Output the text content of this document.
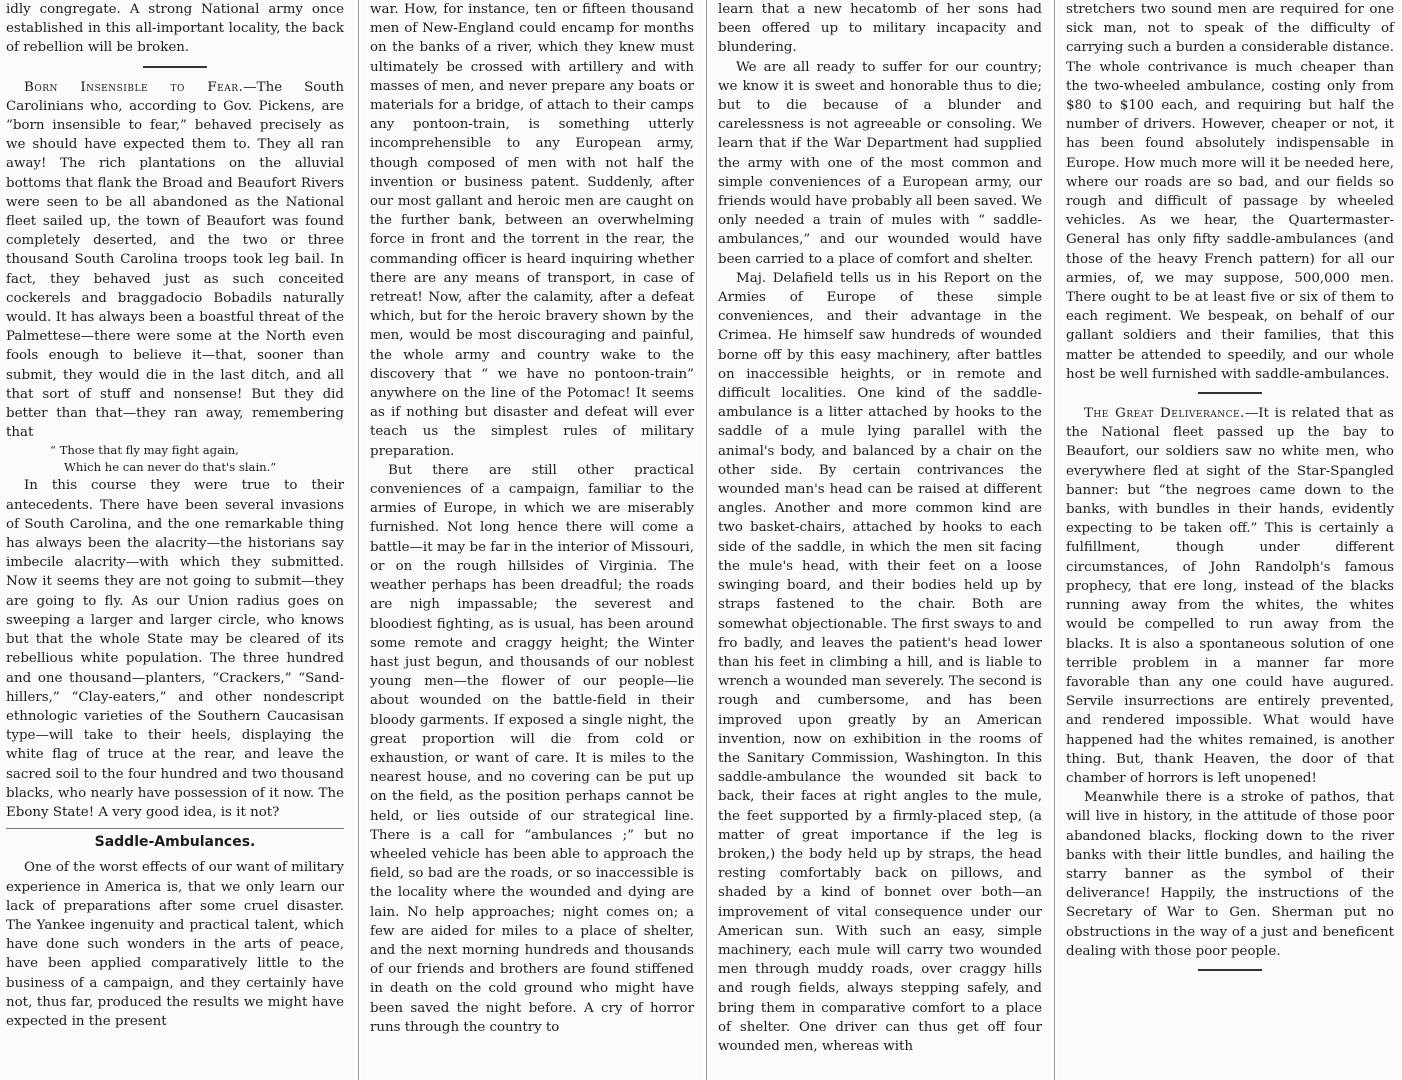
idly congregate. A strong National army once established in this all-important locality, the back of rebellion will be broken.

Born Insensible to Fear.—The South Carolinians who, according to Gov. Pickens, are “born insensible to fear,” behaved precisely as we should have expected them to. They all ran away! The rich plantations on the alluvial bottoms that flank the Broad and Beaufort Rivers were seen to be all abandoned as the National fleet sailed up, the town of Beaufort was found completely deserted, and the two or three thousand South Carolina troops took leg bail. In fact, they behaved just as such conceited cockerels and braggadocio Bobadils naturally would. It has always been a boastful threat of the Palmettese—there were some at the North even fools enough to believe it—that, sooner than submit, they would die in the last ditch, and all that sort of stuff and nonsense! But they did better than that—they ran away, remembering that

“ Those that fly may fight again,

Which he can never do that's slain.”

In this course they were true to their antecedents. There have been several invasions of South Carolina, and the one remarkable thing has always been the alacrity—the historians say imbecile alacrity—with which they submitted. Now it seems they are not going to submit—they are going to fly. As our Union radius goes on sweeping a larger and larger circle, who knows but that the whole State may be cleared of its rebellious white population. The three hundred and one thousand—planters, “Crackers,” “Sand-hillers,” “Clay-eaters,” and other nondescript ethnologic varieties of the Southern Caucasisan type—will take to their heels, displaying the white flag of truce at the rear, and leave the sacred soil to the four hundred and two thousand blacks, who nearly have possession of it now. The Ebony State! A very good idea, is it not?

Saddle-Ambulances.

One of the worst effects of our want of military experience in America is, that we only learn our lack of preparations after some cruel disaster. The Yankee ingenuity and practical talent, which have done such wonders in the arts of peace, have been applied comparatively little to the business of a campaign, and they certainly have not, thus far, produced the results we might have expected in the present

war. How, for instance, ten or fifteen thousand men of New-England could encamp for months on the banks of a river, which they knew must ultimately be crossed with artillery and with masses of men, and never prepare any boats or materials for a bridge, of attach to their camps any pontoon-train, is something utterly incomprehensible to any European army, though composed of men with not half the invention or business patent. Suddenly, after our most gallant and heroic men are caught on the further bank, between an overwhelming force in front and the torrent in the rear, the commanding officer is heard inquiring whether there are any means of transport, in case of retreat! Now, after the calamity, after a defeat which, but for the heroic bravery shown by the men, would be most discouraging and painful, the whole army and country wake to the discovery that “ we have no pontoon-train” anywhere on the line of the Potomac! It seems as if nothing but disaster and defeat will ever teach us the simplest rules of military preparation.

But there are still other practical conveniences of a campaign, familiar to the armies of Europe, in which we are miserably furnished. Not long hence there will come a battle—it may be far in the interior of Missouri, or on the rough hillsides of Virginia. The weather perhaps has been dreadful; the roads are nigh impassable; the severest and bloodiest fighting, as is usual, has been around some remote and craggy height; the Winter hast just begun, and thousands of our noblest young men—the flower of our people—lie about wounded on the battle-field in their bloody garments. If exposed a single night, the great proportion will die from cold or exhaustion, or want of care. It is miles to the nearest house, and no covering can be put up on the field, as the position perhaps cannot be held, or lies outside of our strategical line. There is a call for “ambulances ;” but no wheeled vehicle has been able to approach the field, so bad are the roads, or so inaccessible is the locality where the wounded and dying are lain. No help approaches; night comes on; a few are aided for miles to a place of shelter, and the next morning hundreds and thousands of our friends and brothers are found stiffened in death on the cold ground who might have been saved the night before. A cry of horror runs through the country to

learn that a new hecatomb of her sons had been offered up to military incapacity and blundering.

We are all ready to suffer for our country; we know it is sweet and honorable thus to die; but to die because of a blunder and carelessness is not agreeable or consoling. We learn that if the War Department had supplied the army with one of the most common and simple conveniences of a European army, our friends would have probably all been saved. We only needed a train of mules with “ saddle-ambulances,” and our wounded would have been carried to a place of comfort and shelter.

Maj. Delafield tells us in his Report on the Armies of Europe of these simple conveniences, and their advantage in the Crimea. He himself saw hundreds of wounded borne off by this easy machinery, after battles on inaccessible heights, or in remote and difficult localities. One kind of the saddle-ambulance is a litter attached by hooks to the saddle of a mule lying parallel with the animal's body, and balanced by a chair on the other side. By certain contrivances the wounded man's head can be raised at different angles. Another and more common kind are two basket-chairs, attached by hooks to each side of the saddle, in which the men sit facing the mule's head, with their feet on a loose swinging board, and their bodies held up by straps fastened to the chair. Both are somewhat objectionable. The first sways to and fro badly, and leaves the patient's head lower than his feet in climbing a hill, and is liable to wrench a wounded man severely. The second is rough and cumbersome, and has been improved upon greatly by an American invention, now on exhibition in the rooms of the Sanitary Commission, Washington. In this saddle-ambulance the wounded sit back to back, their faces at right angles to the mule, the feet supported by a firmly-placed step, (a matter of great importance if the leg is broken,) the body held up by straps, the head resting comfortably back on pillows, and shaded by a kind of bonnet over both—an improvement of vital consequence under our American sun. With such an easy, simple machinery, each mule will carry two wounded men through muddy roads, over craggy hills and rough fields, always stepping safely, and bring them in comparative comfort to a place of shelter. One driver can thus get off four wounded men, whereas with

stretchers two sound men are required for one sick man, not to speak of the difficulty of carrying such a burden a considerable distance. The whole contrivance is much cheaper than the two-wheeled ambulance, costing only from $80 to $100 each, and requiring but half the number of drivers. However, cheaper or not, it has been found absolutely indispensable in Europe. How much more will it be needed here, where our roads are so bad, and our fields so rough and difficult of passage by wheeled vehicles. As we hear, the Quartermaster-General has only fifty saddle-ambulances (and those of the heavy French pattern) for all our armies, of, we may suppose, 500,000 men. There ought to be at least five or six of them to each regiment. We bespeak, on behalf of our gallant soldiers and their families, that this matter be attended to speedily, and our whole host be well furnished with saddle-ambulances.

The Great Deliverance.—It is related that as the National fleet passed up the bay to Beaufort, our soldiers saw no white men, who everywhere fled at sight of the Star-Spangled banner: but “the negroes came down to the banks, with bundles in their hands, evidently expecting to be taken off.” This is certainly a fulfillment, though under different circumstances, of John Randolph's famous prophecy, that ere long, instead of the blacks running away from the whites, the whites would be compelled to run away from the blacks. It is also a spontaneous solution of one terrible problem in a manner far more favorable than any one could have augured. Servile insurrections are entirely prevented, and rendered impossible. What would have happened had the whites remained, is another thing. But, thank Heaven, the door of that chamber of horrors is left unopened!

Meanwhile there is a stroke of pathos, that will live in history, in the attitude of those poor abandoned blacks, flocking down to the river banks with their little bundles, and hailing the starry banner as the symbol of their deliverance! Happily, the instructions of the Secretary of War to Gen. Sherman put no obstructions in the way of a just and beneficent dealing with those poor people.
